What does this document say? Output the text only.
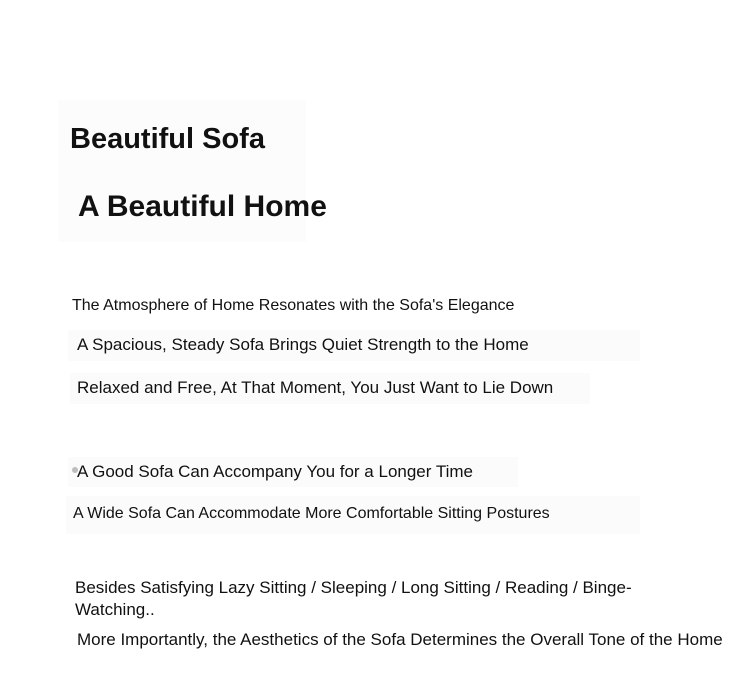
Beautiful Sofa
A Beautiful Home
The Atmosphere of Home Resonates with the Sofa's Elegance
A Spacious, Steady Sofa Brings Quiet Strength to the Home
Relaxed and Free, At That Moment, You Just Want to Lie Down
A Good Sofa Can Accompany You for a Longer Time
A Wide Sofa Can Accommodate More Comfortable Sitting Postures
Besides Satisfying Lazy Sitting / Sleeping / Long Sitting / Reading / Binge-Watching..
More Importantly, the Aesthetics of the Sofa Determines the Overall Tone of the Home
